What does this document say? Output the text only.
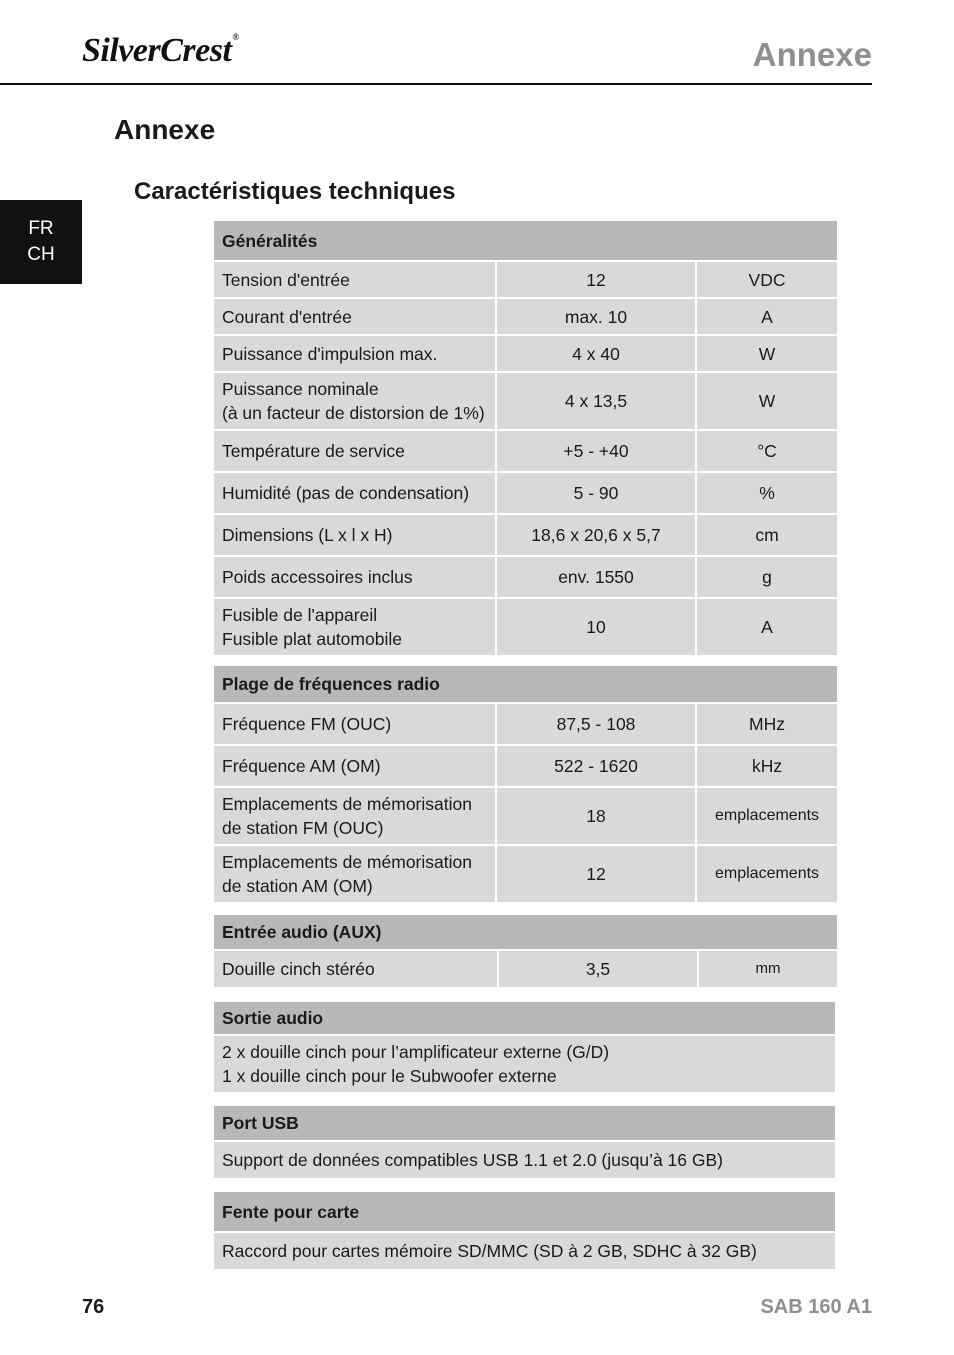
SilverCrest®	Annexe
FR
CH
Annexe
Caractéristiques techniques
Généralités		
Tension d'entrée	12	VDC
Courant d'entrée	max. 10	A
Puissance d'impulsion max.	4 x 40	W
Puissance nominale
(à un facteur de distorsion de 1%)	4 x 13,5	W
Température de service	+5 - +40	°C
Humidité (pas de condensation)	5 - 90	%
Dimensions (L x l x H)	18,6 x 20,6 x 5,7	cm
Poids accessoires inclus	env. 1550	g
Fusible de l'appareil
Fusible plat automobile	10	A
Plage de fréquences radio		
Fréquence FM (OUC)	87,5 - 108	MHz
Fréquence AM (OM)	522 - 1620	kHz
Emplacements de mémorisation
de station FM (OUC)	18	emplacements
Emplacements de mémorisation
de station AM (OM)	12	emplacements
Entrée audio (AUX)
Douille cinch stéréo	3,5	mm
Sortie audio
2 x douille cinch pour l’amplificateur externe (G/D)
1 x douille cinch pour le Subwoofer externe
Port USB
Support de données compatibles USB 1.1 et 2.0 (jusqu’à 16 GB)
Fente pour carte
Raccord pour cartes mémoire SD/MMC (SD à 2 GB, SDHC à 32 GB)
76	SAB 160 A1
